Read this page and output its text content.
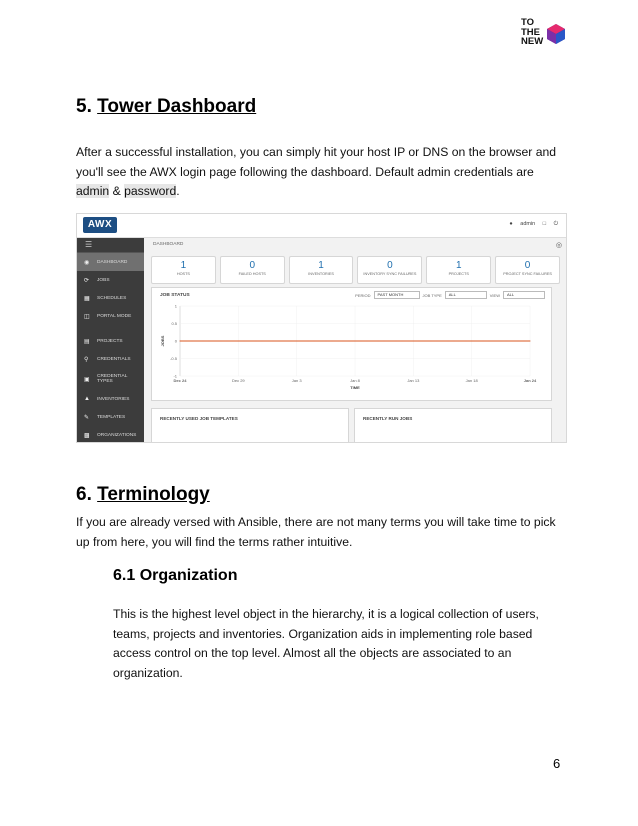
TO
THE
NEW
5. Tower Dashboard

After a successful installation, you can simply hit your host IP or DNS on the browser and you'll see the AWX login page following the dashboard. Default admin credentials are admin & password.

AWX	● admin □ ⏻
☰
◉	DASHBOARD
⟳	JOBS
▦	SCHEDULES
◫	PORTAL MODE
▤	PROJECTS
⚲	CREDENTIALS
▣	CREDENTIAL TYPES
▲	INVENTORIES
✎	TEMPLATES
▩	ORGANIZATIONS
DASHBOARD	◎
1
HOSTS
0
FAILED HOSTS
1
INVENTORIES
0
INVENTORY SYNC FAILURES
1
PROJECTS
0
PROJECT SYNC FAILURES
JOB STATUS	PERIOD	PAST MONTH	JOB TYPE	ALL	VIEW	ALL
1
0.5
0
-0.5
-1
Dec 24	Dec 29	Jan 3	Jan 8	Jan 13	Jan 18	Jan 24
TIME
JOBS
RECENTLY USED JOB TEMPLATES	RECENTLY RUN JOBS
6. Terminology

If you are already versed with Ansible, there are not many terms you will take time to pick up from here, you will find the terms rather intuitive.

6.1 Organization

This is the highest level object in the hierarchy, it is a logical collection of users, teams, projects and inventories. Organization aids in implementing role based access control on the top level. Almost all the objects are associated to an organization.

6
